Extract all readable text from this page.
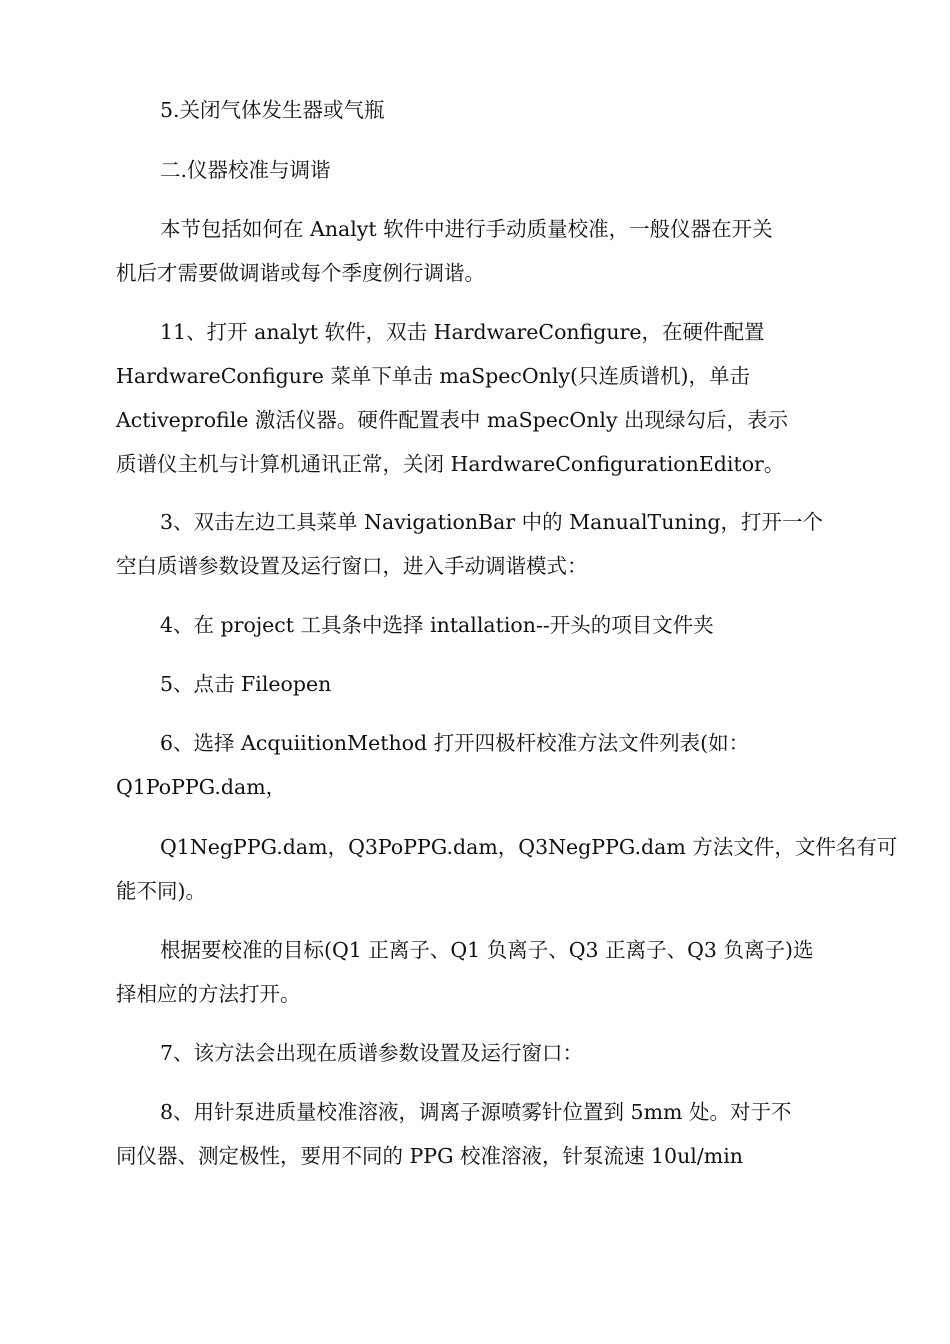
5.关闭气体发生器或气瓶

二.仪器校准与调谐

本节包括如何在 Analyt 软件中进行手动质量校准，一般仪器在开关
机后才需要做调谐或每个季度例行调谐。

11、打开 analyt 软件，双击 HardwareConfigure，在硬件配置
HardwareConfigure 菜单下单击 maSpecOnly(只连质谱机)，单击
Activeprofile 激活仪器。硬件配置表中 maSpecOnly 出现绿勾后，表示
质谱仪主机与计算机通讯正常，关闭 HardwareConfigurationEditor。

3、双击左边工具菜单 NavigationBar 中的 ManualTuning，打开一个
空白质谱参数设置及运行窗口，进入手动调谐模式：

4、在 project 工具条中选择 intallation--开头的项目文件夹

5、点击 Fileopen

6、选择 AcquiitionMethod 打开四极杆校准方法文件列表(如：
Q1PoPPG.dam，

Q1NegPPG.dam，Q3PoPPG.dam，Q3NegPPG.dam 方法文件，文件名有可
能不同)。

根据要校准的目标(Q1 正离子、Q1 负离子、Q3 正离子、Q3 负离子)选
择相应的方法打开。

7、该方法会出现在质谱参数设置及运行窗口：

8、用针泵进质量校准溶液，调离子源喷雾针位置到 5mm 处。对于不
同仪器、测定极性，要用不同的 PPG 校准溶液，针泵流速 10ul/min
